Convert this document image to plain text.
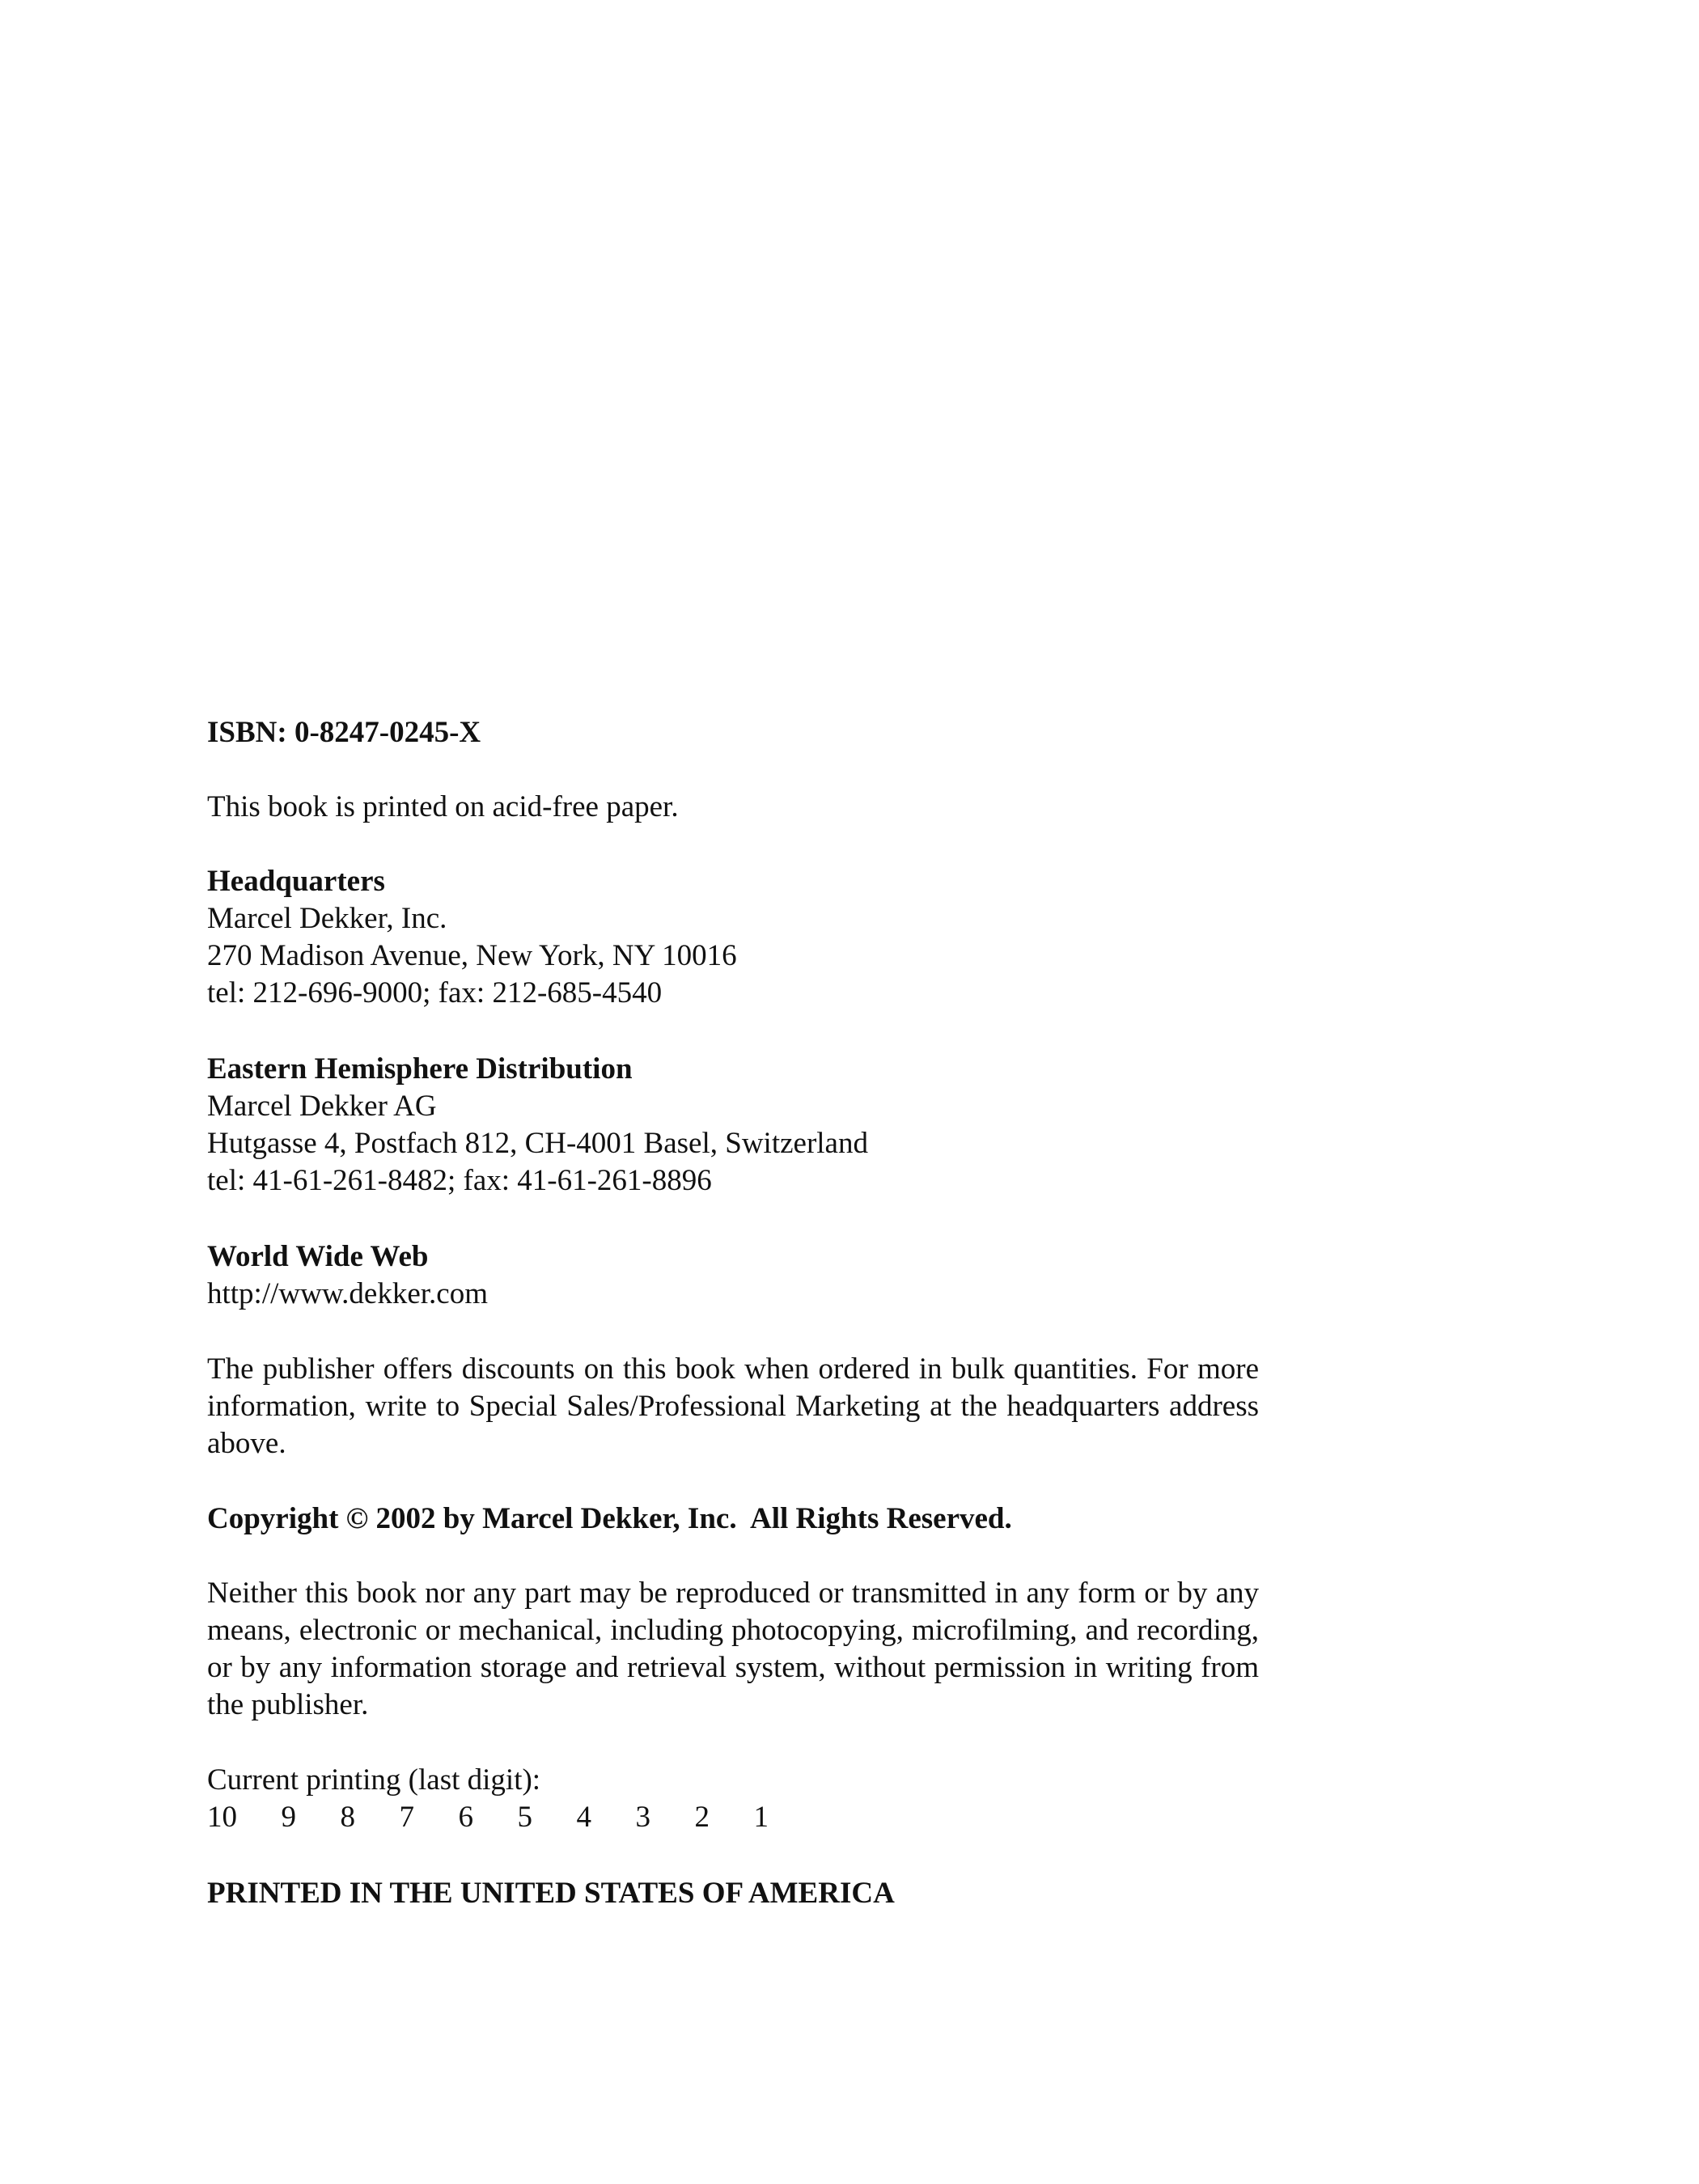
ISBN: 0-8247-0245-X
This book is printed on acid-free paper.
Headquarters
Marcel Dekker, Inc.
270 Madison Avenue, New York, NY 10016
tel: 212-696-9000; fax: 212-685-4540
Eastern Hemisphere Distribution
Marcel Dekker AG
Hutgasse 4, Postfach 812, CH-4001 Basel, Switzerland
tel: 41-61-261-8482; fax: 41-61-261-8896
World Wide Web
http://www.dekker.com
The publisher offers discounts on this book when ordered in bulk quantities. For more information, write to Special Sales/Professional Marketing at the headquarters address above.
Copyright © 2002 by Marcel Dekker, Inc.  All Rights Reserved.
Neither this book nor any part may be reproduced or transmitted in any form or by any means, electronic or mechanical, including photocopying, microfilming, and recording, or by any information storage and retrieval system, without permission in writing from the publisher.
Current printing (last digit):
10  9  8  7  6  5  4  3  2  1
PRINTED IN THE UNITED STATES OF AMERICA
